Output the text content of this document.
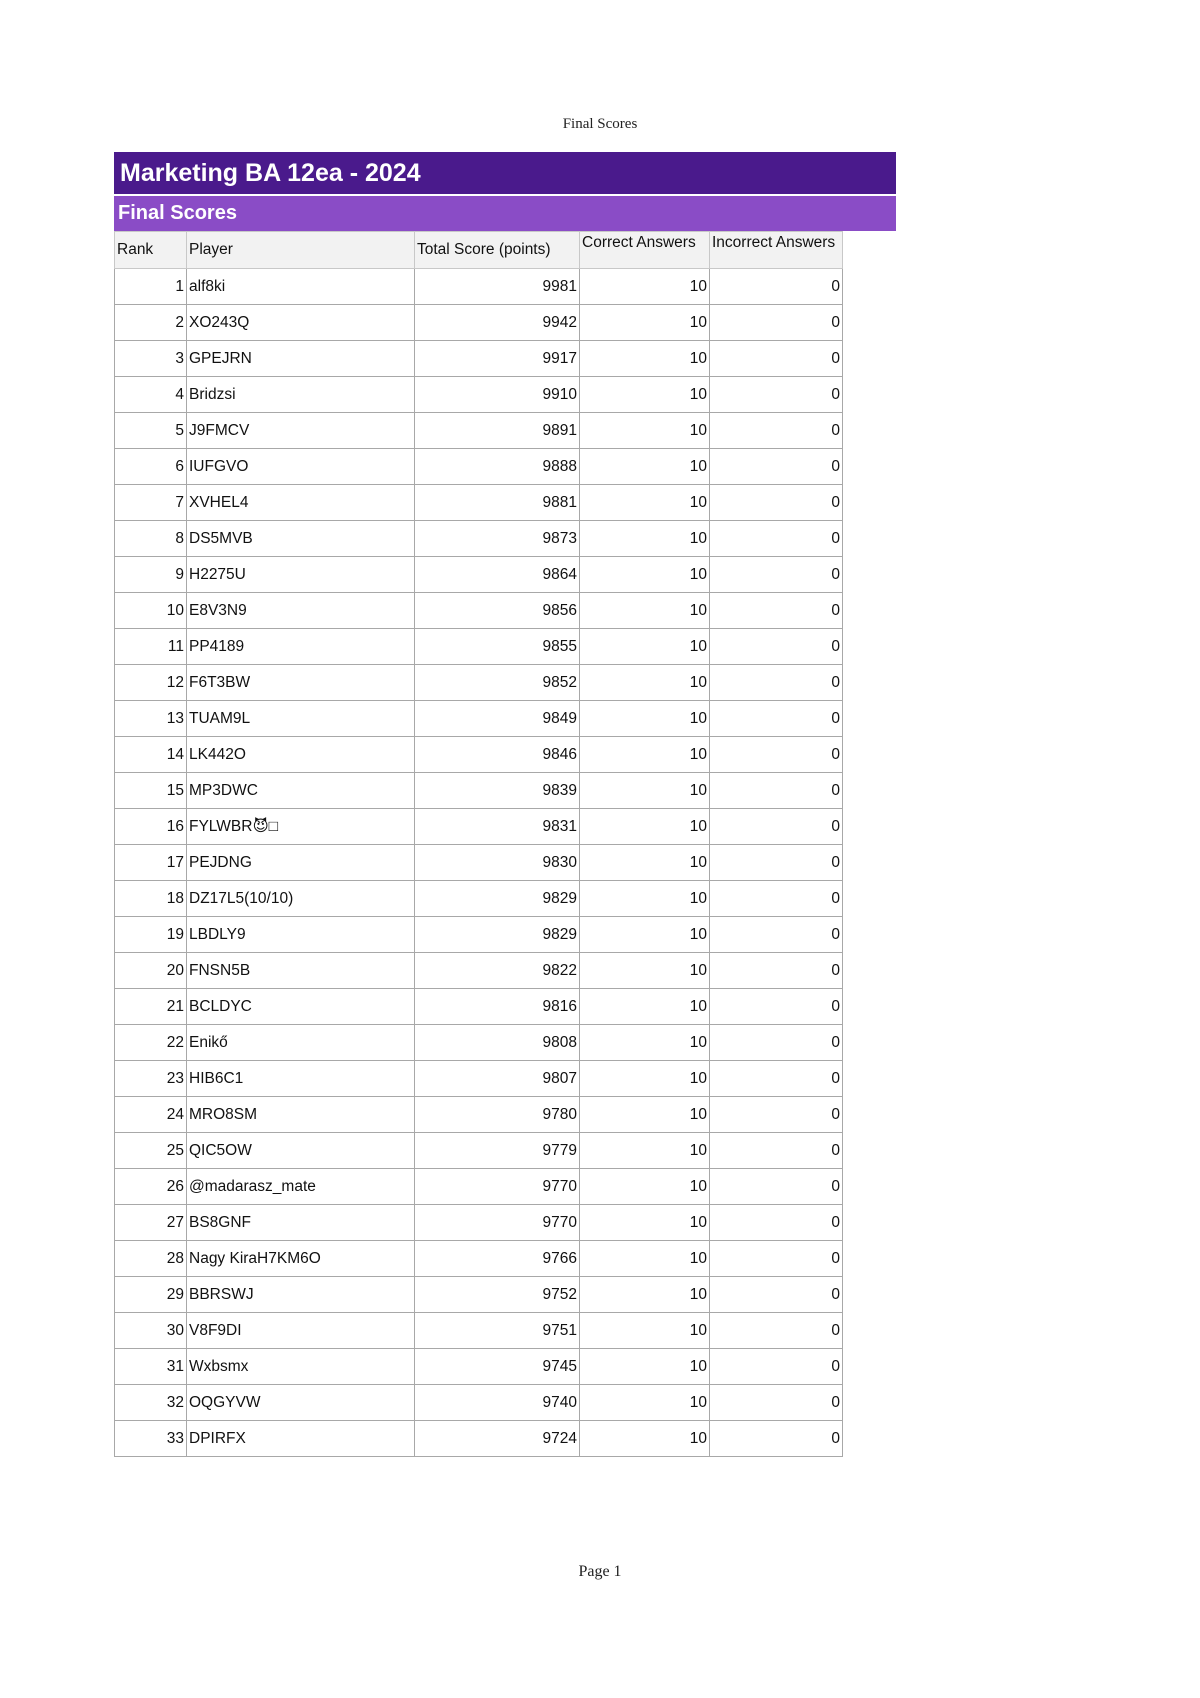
Final Scores
Marketing BA 12ea - 2024
Final Scores
Rank	Player	Total Score (points)	Correct Answers	Incorrect Answers
1	alf8ki	9981	10	0
2	XO243Q	9942	10	0
3	GPEJRN	9917	10	0
4	Bridzsi	9910	10	0
5	J9FMCV	9891	10	0
6	IUFGVO	9888	10	0
7	XVHEL4	9881	10	0
8	DS5MVB	9873	10	0
9	H2275U	9864	10	0
10	E8V3N9	9856	10	0
11	PP4189	9855	10	0
12	F6T3BW	9852	10	0
13	TUAM9L	9849	10	0
14	LK442O	9846	10	0
15	MP3DWC	9839	10	0
16	FYLWBR😈□	9831	10	0
17	PEJDNG	9830	10	0
18	DZ17L5(10/10)	9829	10	0
19	LBDLY9	9829	10	0
20	FNSN5B	9822	10	0
21	BCLDYC	9816	10	0
22	Enikő	9808	10	0
23	HIB6C1	9807	10	0
24	MRO8SM	9780	10	0
25	QIC5OW	9779	10	0
26	@madarasz_mate	9770	10	0
27	BS8GNF	9770	10	0
28	Nagy KiraH7KM6O	9766	10	0
29	BBRSWJ	9752	10	0
30	V8F9DI	9751	10	0
31	Wxbsmx	9745	10	0
32	OQGYVW	9740	10	0
33	DPIRFX	9724	10	0
Page 1
